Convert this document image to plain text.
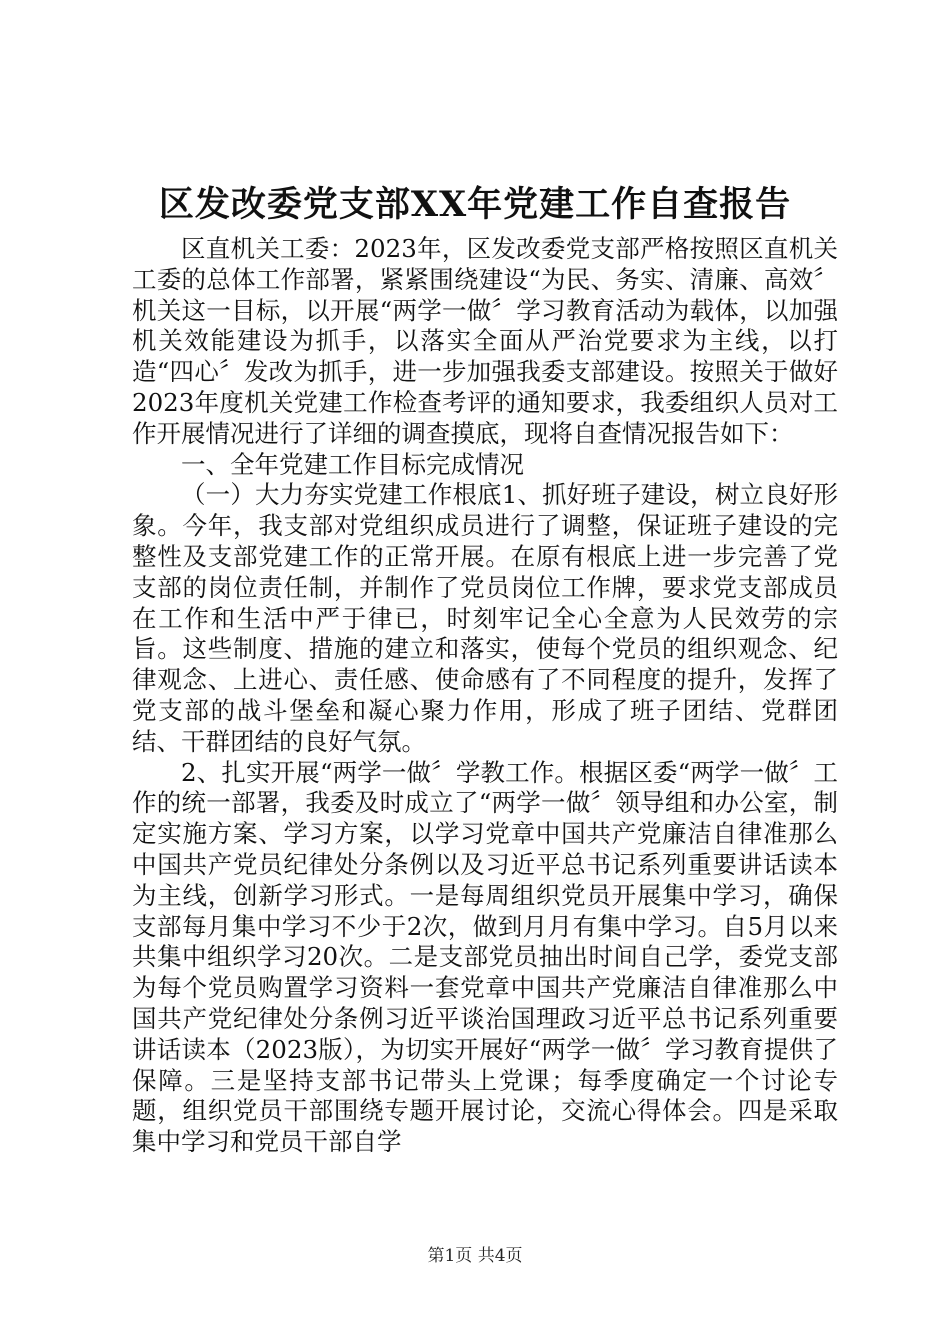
区发改委党支部XX年党建工作自查报告

区直机关工委：2023年，区发改委党支部严格按照区直机关工委的总体工作部署，紧紧围绕建设“为民、务实、清廉、高效〞机关这一目标，以开展“两学一做〞学习教育活动为载体，以加强机关效能建设为抓手，以落实全面从严治党要求为主线，以打造“四心〞发改为抓手，进一步加强我委支部建设。按照关于做好2023年度机关党建工作检查考评的通知要求，我委组织人员对工作开展情况进行了详细的调查摸底，现将自查情况报告如下：

一、全年党建工作目标完成情况

（一）大力夯实党建工作根底1、抓好班子建设，树立良好形象。今年，我支部对党组织成员进行了调整，保证班子建设的完整性及支部党建工作的正常开展。在原有根底上进一步完善了党支部的岗位责任制，并制作了党员岗位工作牌，要求党支部成员在工作和生活中严于律已，时刻牢记全心全意为人民效劳的宗旨。这些制度、措施的建立和落实，使每个党员的组织观念、纪律观念、上进心、责任感、使命感有了不同程度的提升，发挥了党支部的战斗堡垒和凝心聚力作用，形成了班子团结、党群团结、干群团结的良好气氛。

2、扎实开展“两学一做〞学教工作。根据区委“两学一做〞工作的统一部署，我委及时成立了“两学一做〞领导组和办公室，制定实施方案、学习方案，以学习党章中国共产党廉洁自律准那么中国共产党员纪律处分条例以及习近平总书记系列重要讲话读本为主线，创新学习形式。一是每周组织党员开展集中学习，确保支部每月集中学习不少于2次，做到月月有集中学习。自5月以来共集中组织学习20次。二是支部党员抽出时间自己学，委党支部为每个党员购置学习资料一套党章中国共产党廉洁自律准那么中国共产党纪律处分条例习近平谈治国理政习近平总书记系列重要讲话读本（2023版），为切实开展好“两学一做〞学习教育提供了保障。三是坚持支部书记带头上党课；每季度确定一个讨论专题，组织党员干部围绕专题开展讨论，交流心得体会。四是采取集中学习和党员干部自学

第1页 共4页
